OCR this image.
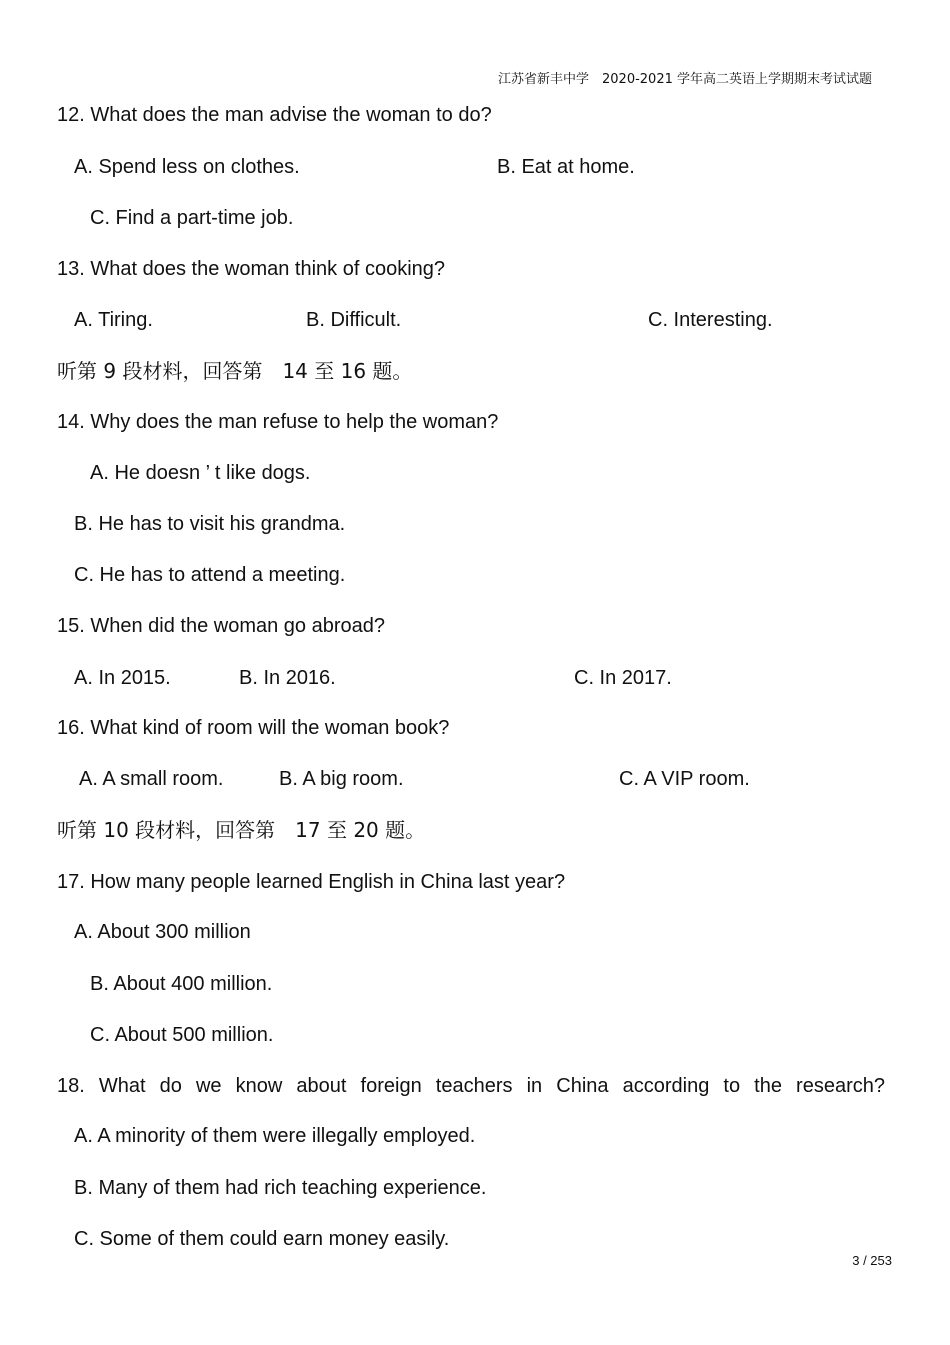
江苏省新丰中学　2020-2021 学年高二英语上学期期末考试试题
12. What does the man advise the woman to do?
A. Spend less on clothes.	B. Eat at home.
C. Find a part-time job.
13. What does the woman think of cooking?
A. Tiring.	B. Difficult.	C. Interesting.
听第 9 段材料，回答第　14 至 16 题。
14. Why does the man refuse to help the woman?
A. He doesn ’ t like dogs.
B. He has to visit his grandma.
C. He has to attend a meeting.
15. When did the woman go abroad?
A. In 2015.	B. In 2016.	C. In 2017.
16. What kind of room will the woman book?
A. A small room.	B. A big room.	C. A VIP room.
听第 10 段材料，回答第　17 至 20 题。
17. How many people learned English in China last year?
A. About 300 million
B. About 400 million.
C. About 500 million.
18. What do we know about foreign teachers in China according to the research?
A. A minority of them were illegally employed.
B. Many of them had rich teaching experience.
C. Some of them could earn money easily.
3 / 253
